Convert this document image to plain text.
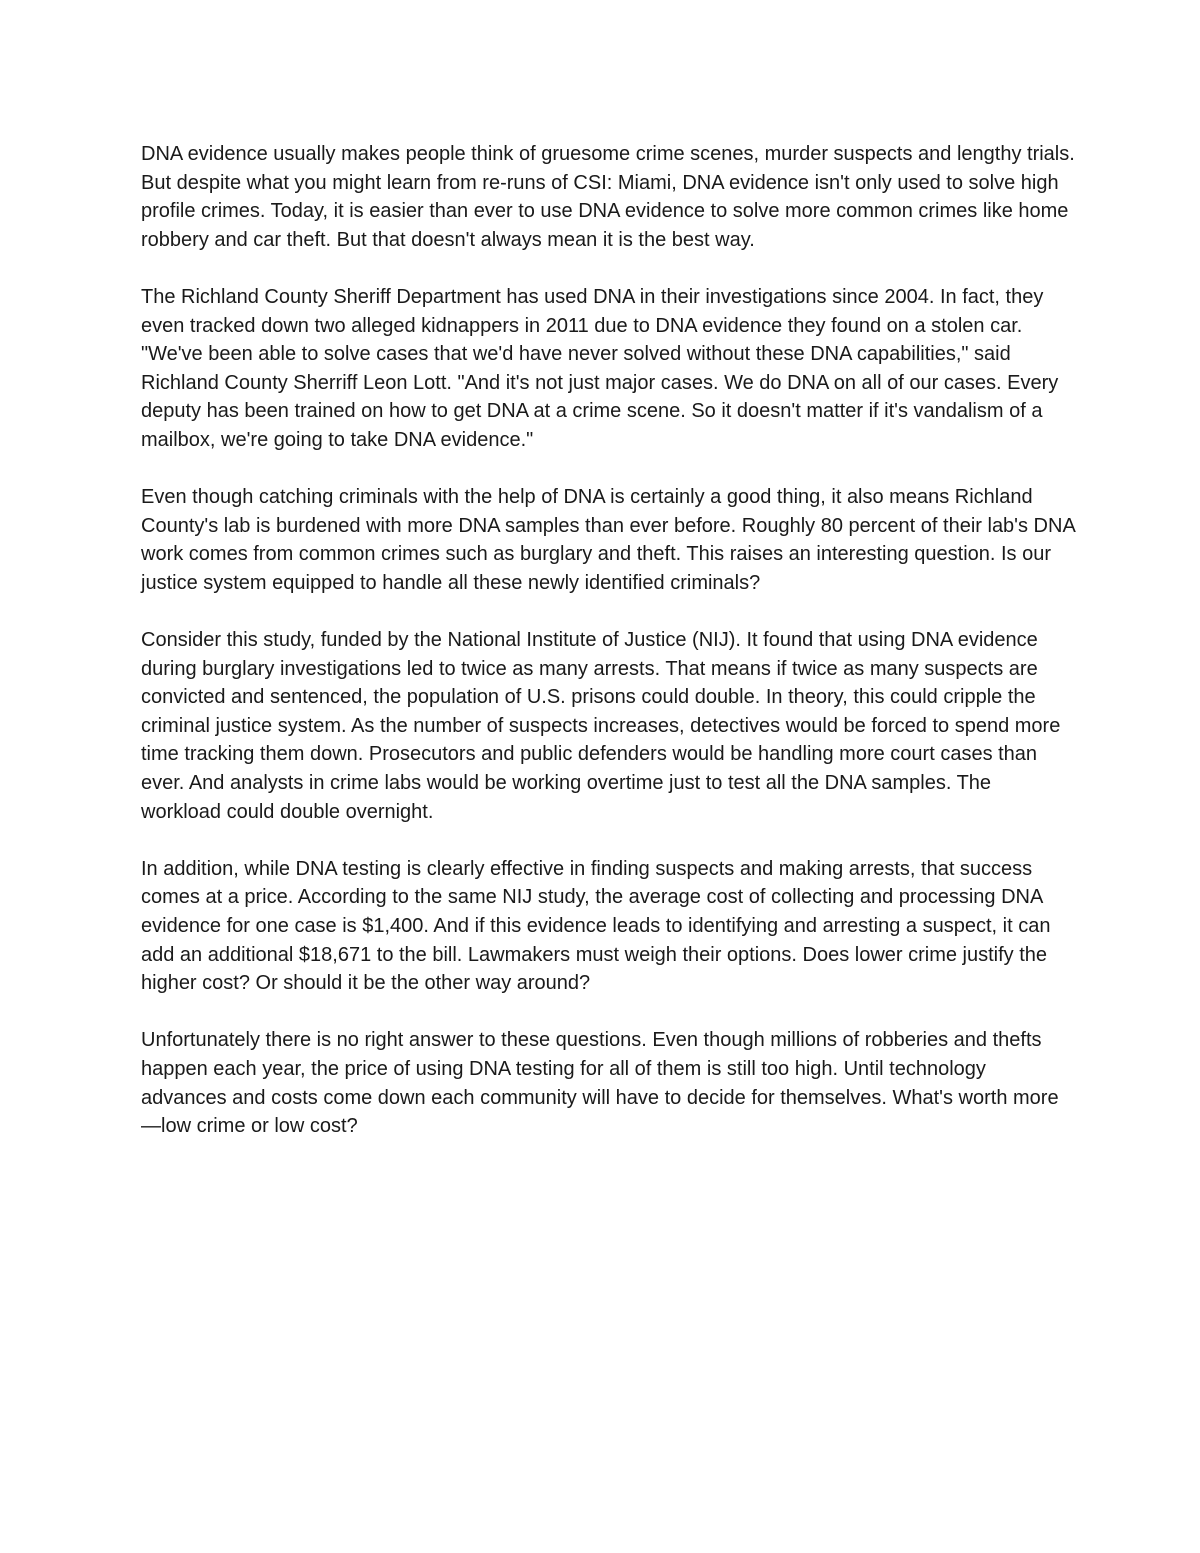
DNA evidence usually makes people think of gruesome crime scenes, murder suspects and lengthy trials. But despite what you might learn from re-runs of CSI: Miami, DNA evidence isn't only used to solve high profile crimes. Today, it is easier than ever to use DNA evidence to solve more common crimes like home robbery and car theft. But that doesn't always mean it is the best way.

The Richland County Sheriff Department has used DNA in their investigations since 2004. In fact, they even tracked down two alleged kidnappers in 2011 due to DNA evidence they found on a stolen car. "We've been able to solve cases that we'd have never solved without these DNA capabilities," said Richland County Sherriff Leon Lott. "And it's not just major cases. We do DNA on all of our cases. Every deputy has been trained on how to get DNA at a crime scene. So it doesn't matter if it's vandalism of a mailbox, we're going to take DNA evidence."

Even though catching criminals with the help of DNA is certainly a good thing, it also means Richland County's lab is burdened with more DNA samples than ever before. Roughly 80 percent of their lab's DNA work comes from common crimes such as burglary and theft. This raises an interesting question. Is our justice system equipped to handle all these newly identified criminals?

Consider this study, funded by the National Institute of Justice (NIJ). It found that using DNA evidence during burglary investigations led to twice as many arrests. That means if twice as many suspects are convicted and sentenced, the population of U.S. prisons could double. In theory, this could cripple the criminal justice system. As the number of suspects increases, detectives would be forced to spend more time tracking them down. Prosecutors and public defenders would be handling more court cases than ever. And analysts in crime labs would be working overtime just to test all the DNA samples. The workload could double overnight.

In addition, while DNA testing is clearly effective in finding suspects and making arrests, that success comes at a price. According to the same NIJ study, the average cost of collecting and processing DNA evidence for one case is $1,400. And if this evidence leads to identifying and arresting a suspect, it can add an additional $18,671 to the bill. Lawmakers must weigh their options. Does lower crime justify the higher cost? Or should it be the other way around?

Unfortunately there is no right answer to these questions. Even though millions of robberies and thefts happen each year, the price of using DNA testing for all of them is still too high. Until technology advances and costs come down each community will have to decide for themselves. What's worth more—low crime or low cost?
